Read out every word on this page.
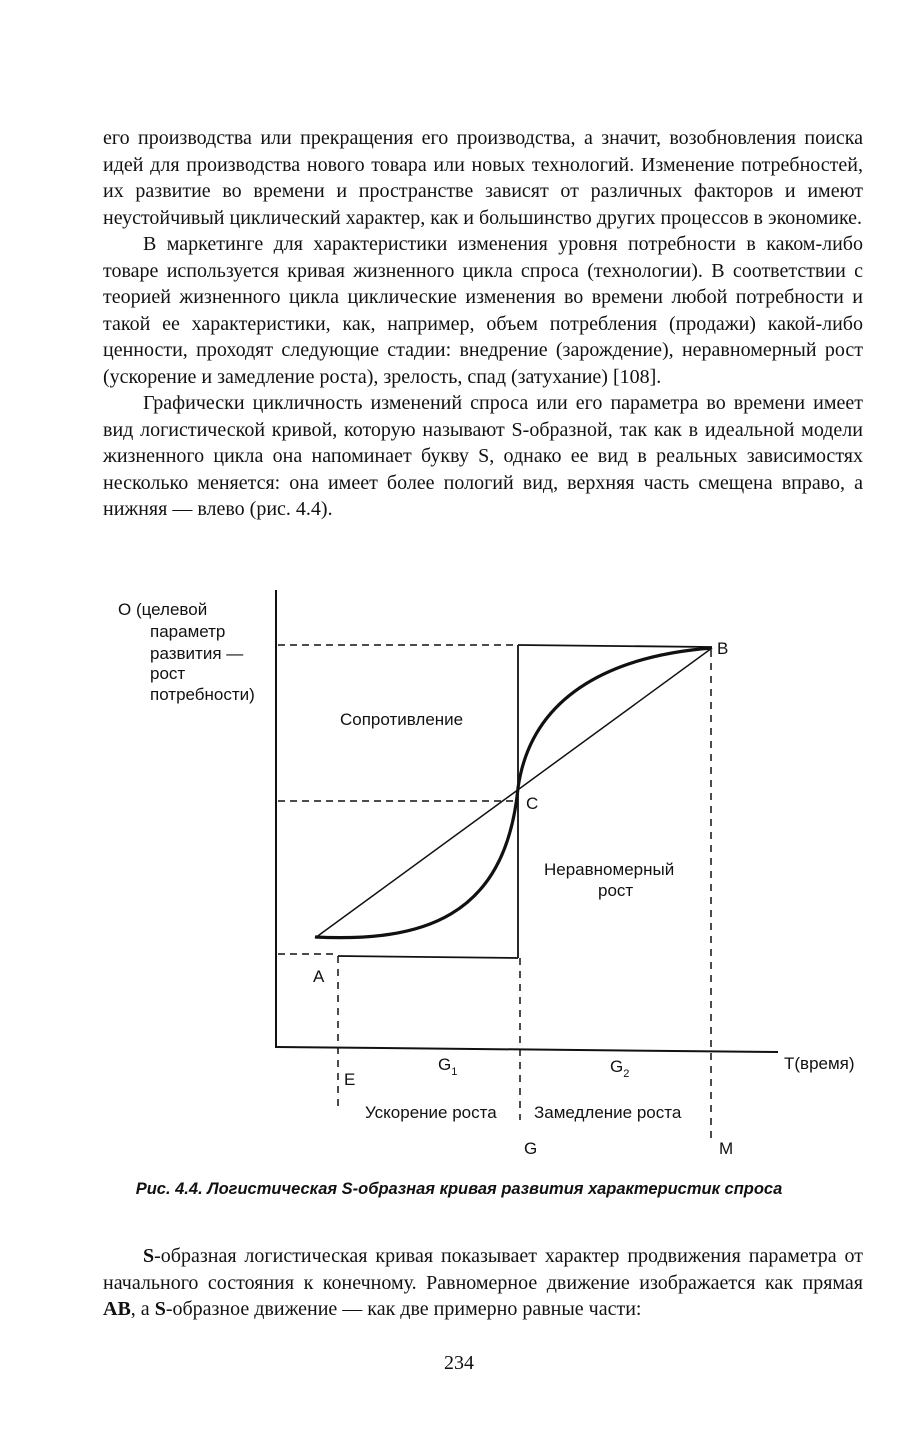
его производства или прекращения его производства, а значит, возобновления поиска идей для производства нового товара или новых технологий. Изменение потребностей, их развитие во времени и пространстве зависят от различных факторов и имеют неустойчивый циклический характер, как и большинство других процессов в экономике.

В маркетинге для характеристики изменения уровня потребности в каком-либо товаре используется кривая жизненного цикла спроса (технологии). В соответствии с теорией жизненного цикла циклические изменения во времени любой потребности и такой ее характеристики, как, например, объем потребления (продажи) какой-либо ценности, проходят следующие стадии: внедрение (зарождение), неравномерный рост (ускорение и замедление роста), зрелость, спад (затухание) [108].

Графически цикличность изменений спроса или его параметра во времени имеет вид логистической кривой, которую называют S-образной, так как в идеальной модели жизненного цикла она напоминает букву S, однако ее вид в реальных зависимостях несколько меняется: она имеет более пологий вид, верхняя часть смещена вправо, а нижняя — влево (рис. 4.4).

О (целевой
параметр
развития —
рост
потребности)
Сопротивление
Неравномерный
рост
B
C
A
E
G	M
$G_1$	$G_2$
Т(время)
Ускорение роста Замедление роста
Рис. 4.4. Логистическая S-образная кривая развития характеристик спроса

S-образная логистическая кривая показывает характер продвижения параметра от начального состояния к конечному. Равномерное движение изображается как прямая AB, а S-образное движение — как две примерно равные части:

234
